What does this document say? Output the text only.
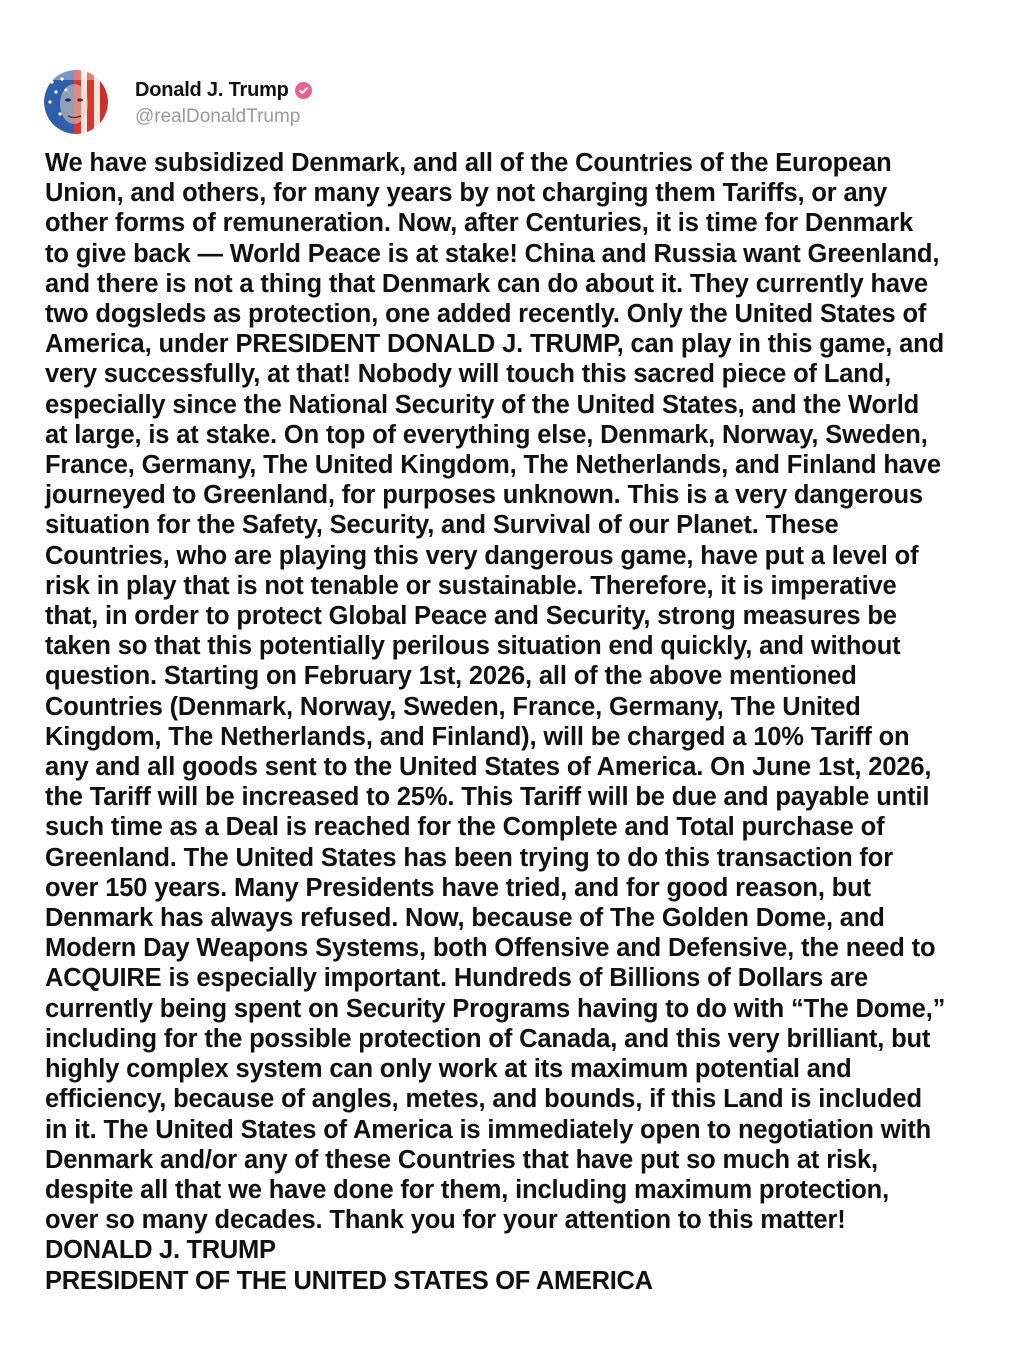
Donald J. Trump
@realDonaldTrump
We have subsidized Denmark, and all of the Countries of the European
Union, and others, for many years by not charging them Tariffs, or any
other forms of remuneration. Now, after Centuries, it is time for Denmark
to give back — World Peace is at stake! China and Russia want Greenland,
and there is not a thing that Denmark can do about it. They currently have
two dogsleds as protection, one added recently. Only the United States of
America, under PRESIDENT DONALD J. TRUMP, can play in this game, and
very successfully, at that! Nobody will touch this sacred piece of Land,
especially since the National Security of the United States, and the World
at large, is at stake. On top of everything else, Denmark, Norway, Sweden,
France, Germany, The United Kingdom, The Netherlands, and Finland have
journeyed to Greenland, for purposes unknown. This is a very dangerous
situation for the Safety, Security, and Survival of our Planet. These
Countries, who are playing this very dangerous game, have put a level of
risk in play that is not tenable or sustainable. Therefore, it is imperative
that, in order to protect Global Peace and Security, strong measures be
taken so that this potentially perilous situation end quickly, and without
question. Starting on February 1st, 2026, all of the above mentioned
Countries (Denmark, Norway, Sweden, France, Germany, The United
Kingdom, The Netherlands, and Finland), will be charged a 10% Tariff on
any and all goods sent to the United States of America. On June 1st, 2026,
the Tariff will be increased to 25%. This Tariff will be due and payable until
such time as a Deal is reached for the Complete and Total purchase of
Greenland. The United States has been trying to do this transaction for
over 150 years. Many Presidents have tried, and for good reason, but
Denmark has always refused. Now, because of The Golden Dome, and
Modern Day Weapons Systems, both Offensive and Defensive, the need to
ACQUIRE is especially important. Hundreds of Billions of Dollars are
currently being spent on Security Programs having to do with “The Dome,”
including for the possible protection of Canada, and this very brilliant, but
highly complex system can only work at its maximum potential and
efficiency, because of angles, metes, and bounds, if this Land is included
in it. The United States of America is immediately open to negotiation with
Denmark and/or any of these Countries that have put so much at risk,
despite all that we have done for them, including maximum protection,
over so many decades. Thank you for your attention to this matter!
DONALD J. TRUMP
PRESIDENT OF THE UNITED STATES OF AMERICA
